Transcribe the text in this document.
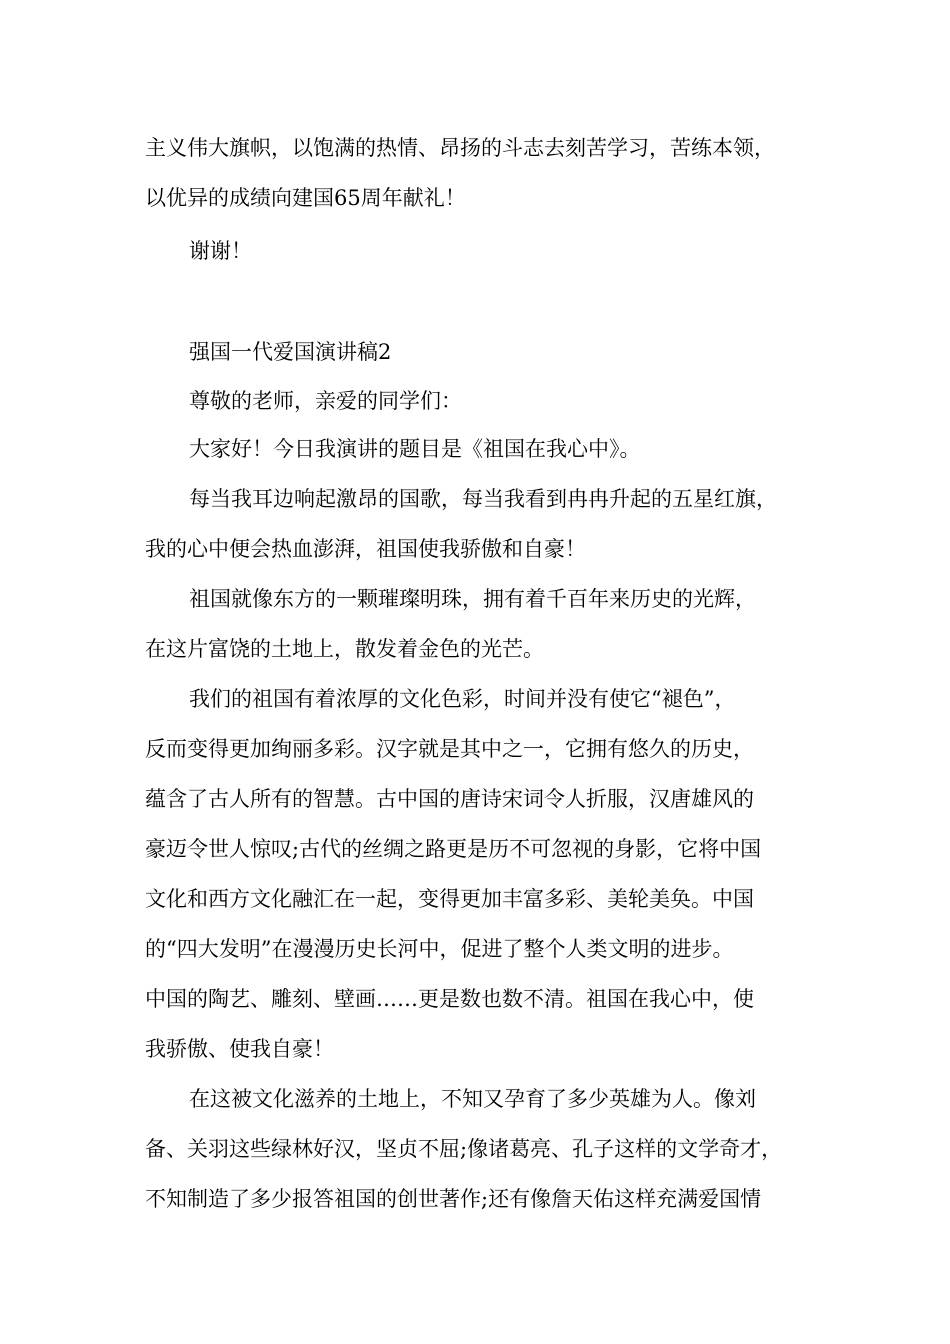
主义伟大旗帜，以饱满的热情、昂扬的斗志去刻苦学习，苦练本领，
以优异的成绩向建国65周年献礼！
谢谢！
强国一代爱国演讲稿2
尊敬的老师，亲爱的同学们：
大家好！今日我演讲的题目是《祖国在我心中》。
每当我耳边响起激昂的国歌，每当我看到冉冉升起的五星红旗，
我的心中便会热血澎湃，祖国使我骄傲和自豪！
祖国就像东方的一颗璀璨明珠，拥有着千百年来历史的光辉，
在这片富饶的土地上，散发着金色的光芒。
我们的祖国有着浓厚的文化色彩，时间并没有使它“褪色”，
反而变得更加绚丽多彩。汉字就是其中之一，它拥有悠久的历史，
蕴含了古人所有的智慧。古中国的唐诗宋词令人折服，汉唐雄风的
豪迈令世人惊叹;古代的丝绸之路更是历不可忽视的身影，它将中国
文化和西方文化融汇在一起，变得更加丰富多彩、美轮美奂。中国
的“四大发明”在漫漫历史长河中，促进了整个人类文明的进步。
中国的陶艺、雕刻、壁画……更是数也数不清。祖国在我心中，使
我骄傲、使我自豪！
在这被文化滋养的土地上，不知又孕育了多少英雄为人。像刘
备、关羽这些绿林好汉，坚贞不屈;像诸葛亮、孔子这样的文学奇才，
不知制造了多少报答祖国的创世著作;还有像詹天佑这样充满爱国情
